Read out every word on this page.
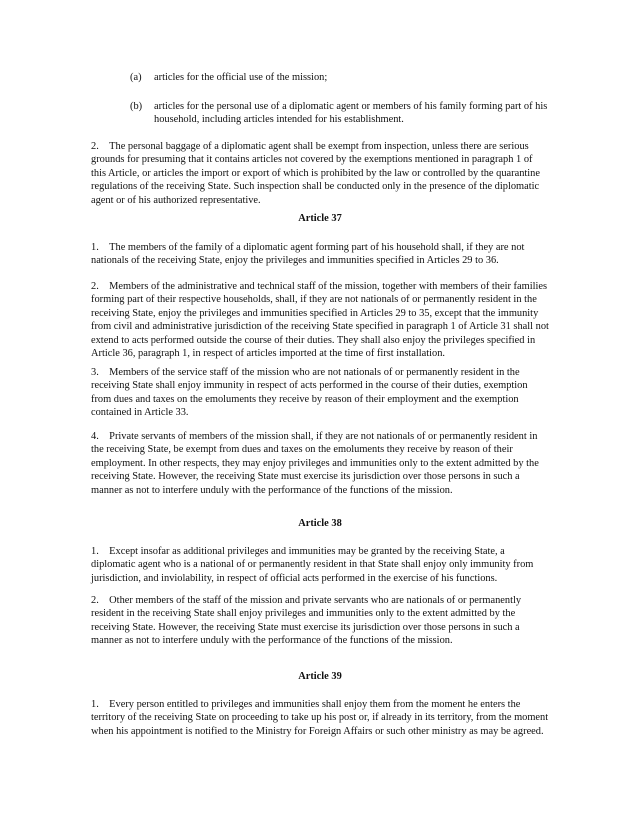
(a)	articles for the official use of the mission;
(b)	articles for the personal use of a diplomatic agent or members of his family forming part of his household, including articles intended for his establishment.

2. The personal baggage of a diplomatic agent shall be exempt from inspection, unless there are serious grounds for presuming that it contains articles not covered by the exemptions mentioned in paragraph 1 of this Article, or articles the import or export of which is prohibited by the law or controlled by the quarantine regulations of the receiving State. Such inspection shall be conducted only in the presence of the diplomatic agent or of his authorized representative.

Article 37

1. The members of the family of a diplomatic agent forming part of his household shall, if they are not nationals of the receiving State, enjoy the privileges and immunities specified in Articles 29 to 36.

2. Members of the administrative and technical staff of the mission, together with members of their families forming part of their respective households, shall, if they are not nationals of or permanently resident in the receiving State, enjoy the privileges and immunities specified in Articles 29 to 35, except that the immunity from civil and administrative jurisdiction of the receiving State specified in paragraph 1 of Article 31 shall not extend to acts performed outside the course of their duties. They shall also enjoy the privileges specified in Article 36, paragraph 1, in respect of articles imported at the time of first installation.

3. Members of the service staff of the mission who are not nationals of or permanently resident in the receiving State shall enjoy immunity in respect of acts performed in the course of their duties, exemption from dues and taxes on the emoluments they receive by reason of their employment and the exemption contained in Article 33.

4. Private servants of members of the mission shall, if they are not nationals of or permanently resident in the receiving State, be exempt from dues and taxes on the emoluments they receive by reason of their employment. In other respects, they may enjoy privileges and immunities only to the extent admitted by the receiving State. However, the receiving State must exercise its jurisdiction over those persons in such a manner as not to interfere unduly with the performance of the functions of the mission.

Article 38

1. Except insofar as additional privileges and immunities may be granted by the receiving State, a diplomatic agent who is a national of or permanently resident in that State shall enjoy only immunity from jurisdiction, and inviolability, in respect of official acts performed in the exercise of his functions.

2. Other members of the staff of the mission and private servants who are nationals of or permanently resident in the receiving State shall enjoy privileges and immunities only to the extent admitted by the receiving State. However, the receiving State must exercise its jurisdiction over those persons in such a manner as not to interfere unduly with the performance of the functions of the mission.

Article 39

1. Every person entitled to privileges and immunities shall enjoy them from the moment he enters the territory of the receiving State on proceeding to take up his post or, if already in its territory, from the moment when his appointment is notified to the Ministry for Foreign Affairs or such other ministry as may be agreed.
